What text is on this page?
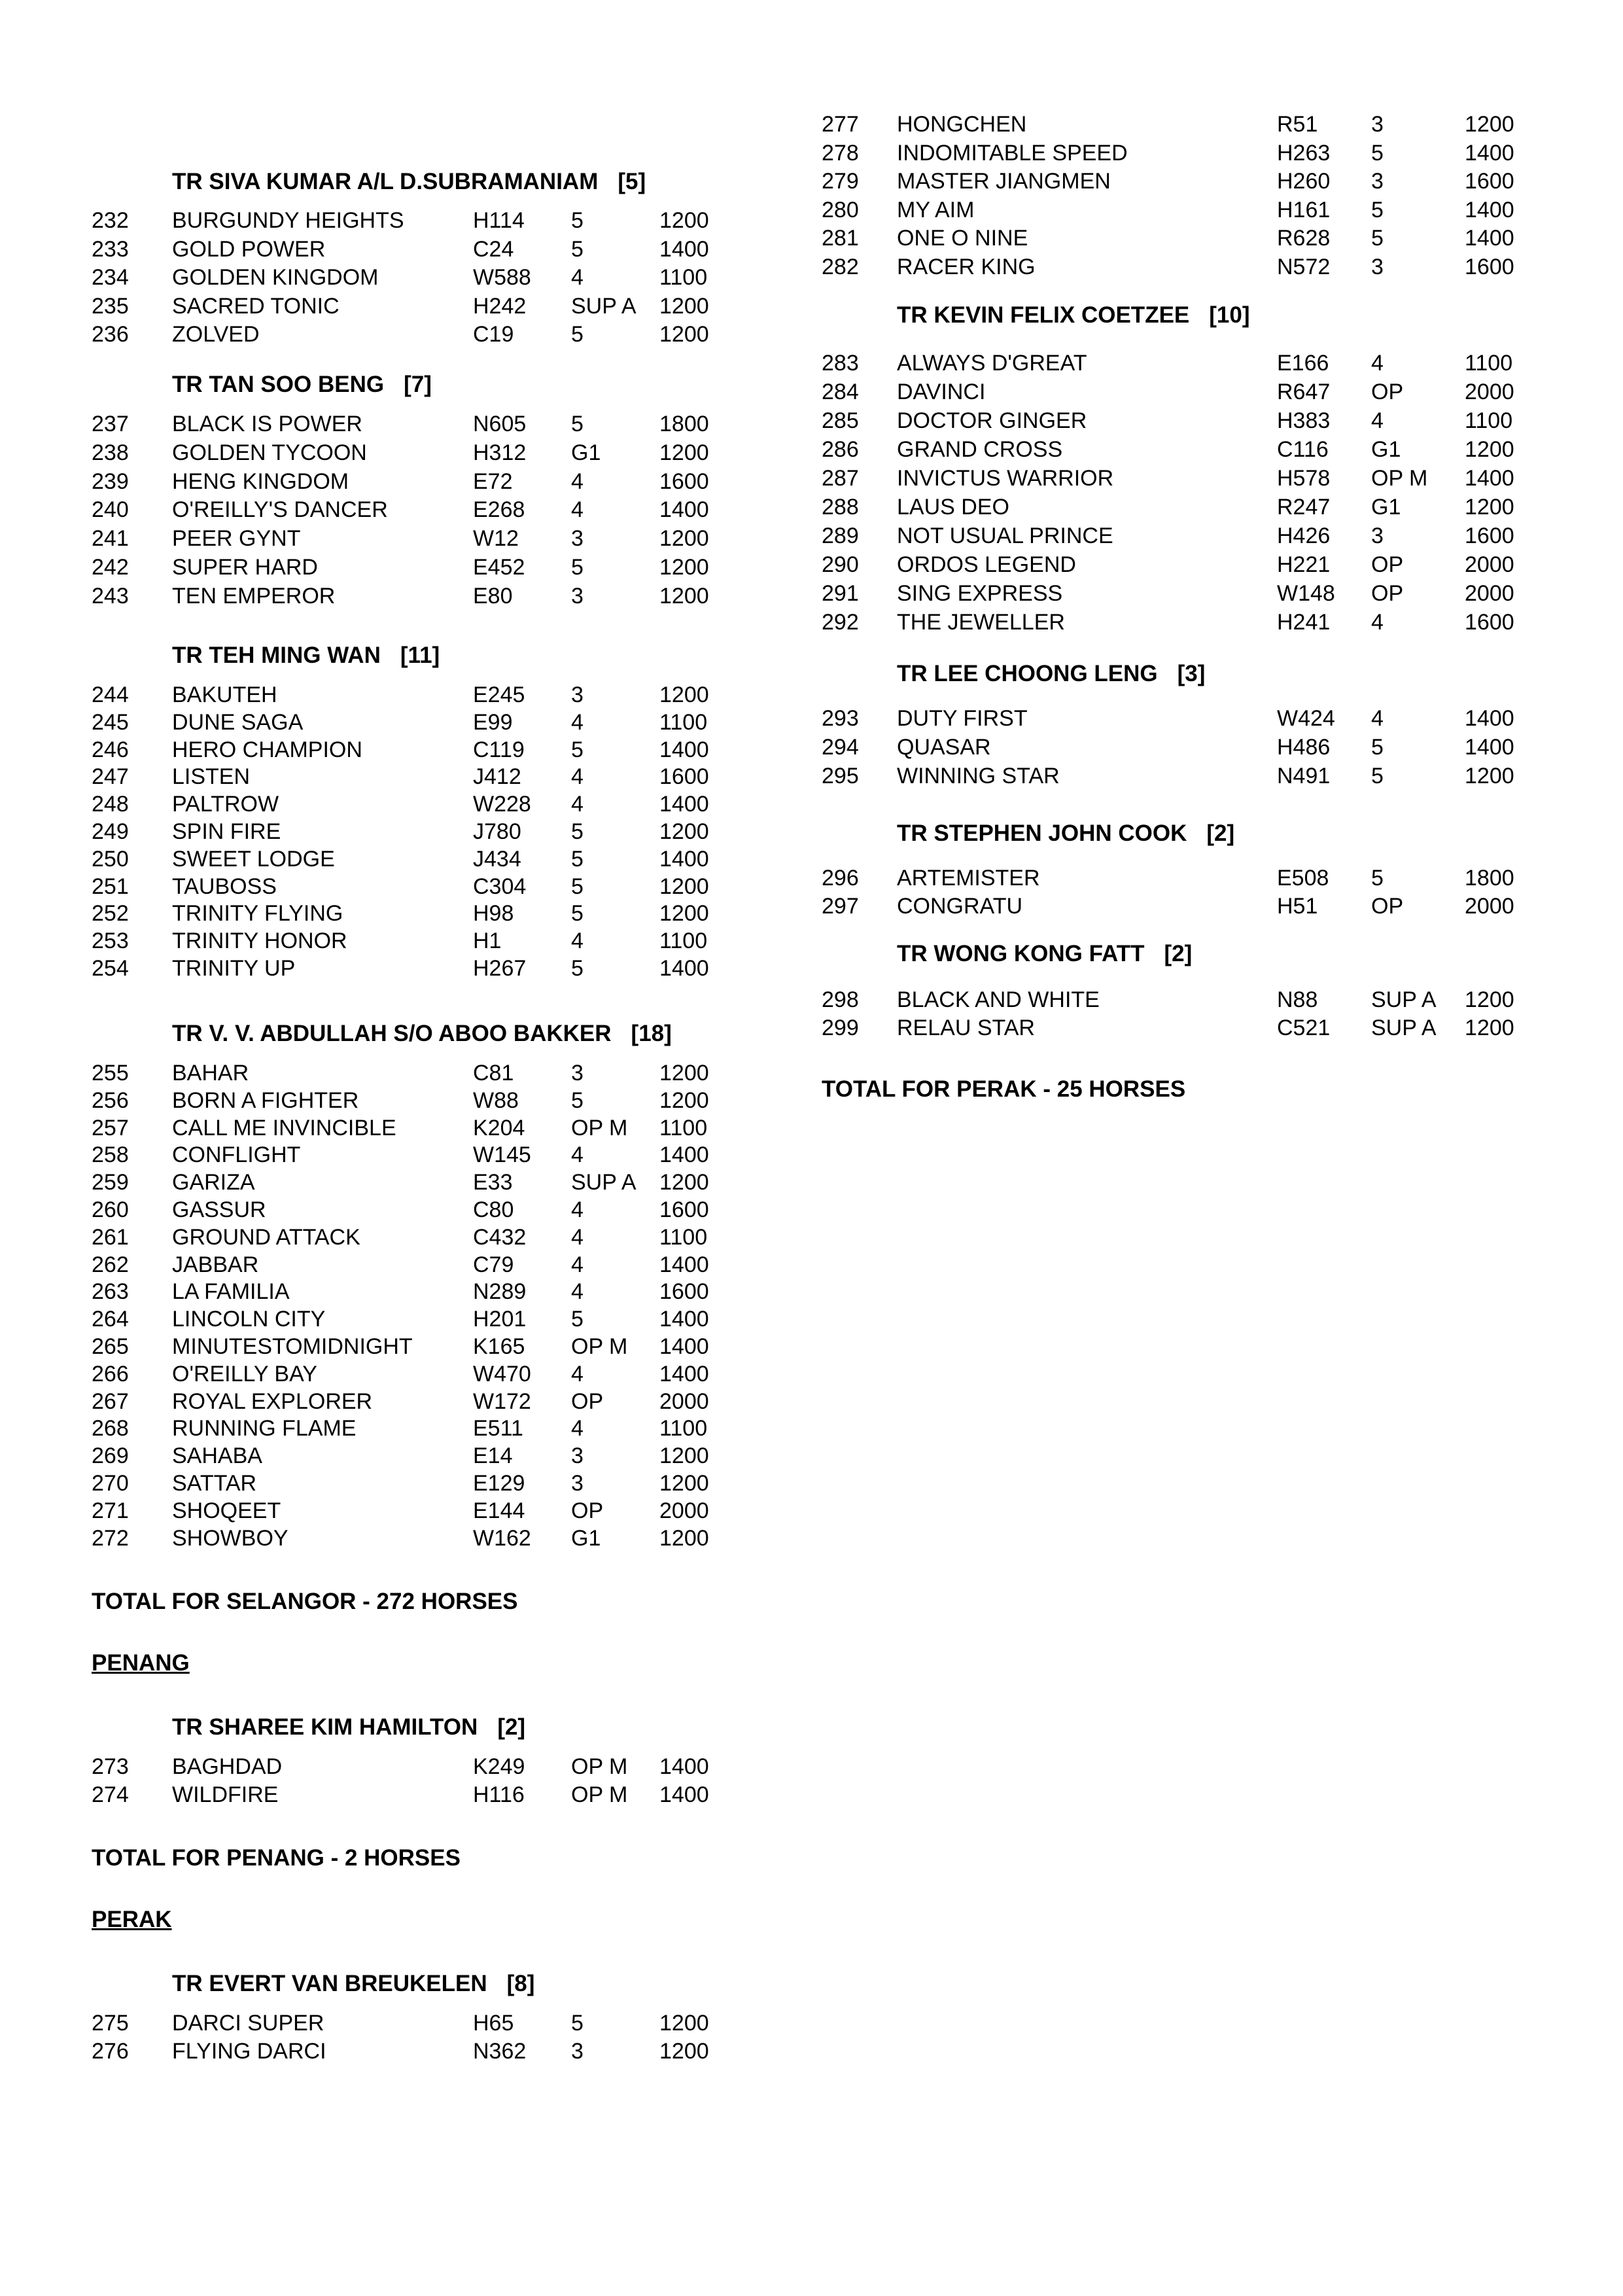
TR SIVA KUMAR A/L D.SUBRAMANIAM [5]
232 BURGUNDY HEIGHTS	H114 5	1200
233 GOLD POWER	C24	5	1400
234 GOLDEN KINGDOM	W588 4	1100
235 SACRED TONIC	H242 SUP A 1200
236 ZOLVED	C19	5	1200
TR TAN SOO BENG [7]
237 BLACK IS POWER	N605 5	1800
238 GOLDEN TYCOON	H312 G1	1200
239 HENG KINGDOM	E72	4	1600
240 O'REILLY'S DANCER	E268 4	1400
241 PEER GYNT	W12 3	1200
242 SUPER HARD	E452 5	1200
243 TEN EMPEROR	E80	3	1200
TR TEH MING WAN [11]
244 BAKUTEH	E245 3	1200
245 DUNE SAGA	E99	4	1100
246 HERO CHAMPION	C119 5	1400
247 LISTEN	J412 4	1600
248 PALTROW	W228 4	1400
249 SPIN FIRE	J780 5	1200
250 SWEET LODGE	J434 5	1400
251 TAUBOSS	C304 5	1200
252 TRINITY FLYING	H98	5	1200
253 TRINITY HONOR	H1	4	1100
254 TRINITY UP	H267 5	1400
TR V. V. ABDULLAH S/O ABOO BAKKER [18]
255 BAHAR	C81	3	1200
256 BORN A FIGHTER	W88 5	1200
257 CALL ME INVINCIBLE	K204 OP M 1100
258 CONFLIGHT	W145 4	1400
259 GARIZA	E33	SUP A 1200
260 GASSUR	C80	4	1600
261 GROUND ATTACK	C432 4	1100
262 JABBAR	C79	4	1400
263 LA FAMILIA	N289 4	1600
264 LINCOLN CITY	H201 5	1400
265 MINUTESTOMIDNIGHT	K165 OP M 1400
266 O'REILLY BAY	W470 4	1400
267 ROYAL EXPLORER	W172 OP	2000
268 RUNNING FLAME	E511 4	1100
269 SAHABA	E14	3	1200
270 SATTAR	E129 3	1200
271 SHOQEET	E144 OP	2000
272 SHOWBOY	W162 G1	1200
TOTAL FOR SELANGOR - 272 HORSES
PENANG
TR SHAREE KIM HAMILTON [2]
273 BAGHDAD	K249 OP M 1400
274 WILDFIRE	H116 OP M 1400
TOTAL FOR PENANG - 2 HORSES
PERAK
TR EVERT VAN BREUKELEN [8]
275 DARCI SUPER	H65	5	1200
276 FLYING DARCI	N362 3	1200
277 HONGCHEN	R51 3	1200
278 INDOMITABLE SPEED	H263 5	1400
279 MASTER JIANGMEN	H260 3	1600
280 MY AIM	H161 5	1400
281 ONE O NINE	R628 5	1400
282 RACER KING	N572 3	1600
TR KEVIN FELIX COETZEE [10]
283 ALWAYS D'GREAT	E166 4	1100
284 DAVINCI	R647 OP	2000
285 DOCTOR GINGER	H383 4	1100
286 GRAND CROSS	C116 G1	1200
287 INVICTUS WARRIOR	H578 OP M 1400
288 LAUS DEO	R247 G1	1200
289 NOT USUAL PRINCE	H426 3	1600
290 ORDOS LEGEND	H221 OP	2000
291 SING EXPRESS	W148 OP	2000
292 THE JEWELLER	H241 4	1600
TR LEE CHOONG LENG [3]
293 DUTY FIRST	W424 4	1400
294 QUASAR	H486 5	1400
295 WINNING STAR	N491 5	1200
TR STEPHEN JOHN COOK [2]
296 ARTEMISTER	E508 5	1800
297 CONGRATU	H51 OP	2000
TR WONG KONG FATT [2]
298 BLACK AND WHITE	N88 SUP A 1200
299 RELAU STAR	C521 SUP A 1200
TOTAL FOR PERAK - 25 HORSES
